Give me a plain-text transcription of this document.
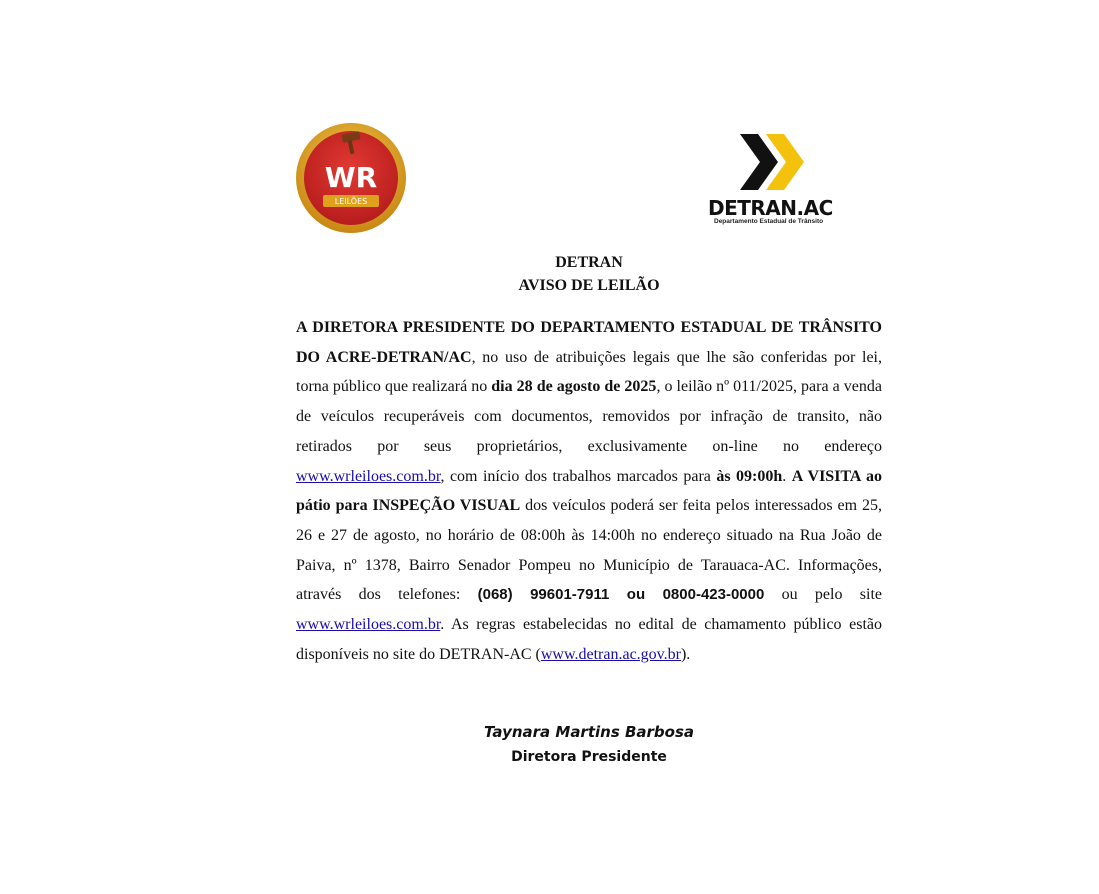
WR
LEILÕES	DETRAN.AC
Departamento Estadual de Trânsito
DETRAN
AVISO DE LEILÃO

A DIRETORA PRESIDENTE DO DEPARTAMENTO ESTADUAL DE TRÂNSITO DO ACRE-DETRAN/AC, no uso de atribuições legais que lhe são conferidas por lei, torna público que realizará no dia 28 de agosto de 2025, o leilão nº 011/2025, para a venda de veículos recuperáveis com documentos, removidos por infração de transito, não retirados por seus proprietários, exclusivamente on-line no endereço www.wrleiloes.com.br, com início dos trabalhos marcados para às 09:00h. A VISITA ao pátio para INSPEÇÃO VISUAL dos veículos poderá ser feita pelos interessados em 25, 26 e 27 de agosto, no horário de 08:00h às 14:00h no endereço situado na Rua João de Paiva, nº 1378, Bairro Senador Pompeu no Município de Tarauaca-AC. Informações, através dos telefones: (068) 99601-7911 ou 0800-423-0000 ou pelo site www.wrleiloes.com.br. As regras estabelecidas no edital de chamamento público estão disponíveis no site do DETRAN-AC (www.detran.ac.gov.br).

Taynara Martins Barbosa
Diretora Presidente
